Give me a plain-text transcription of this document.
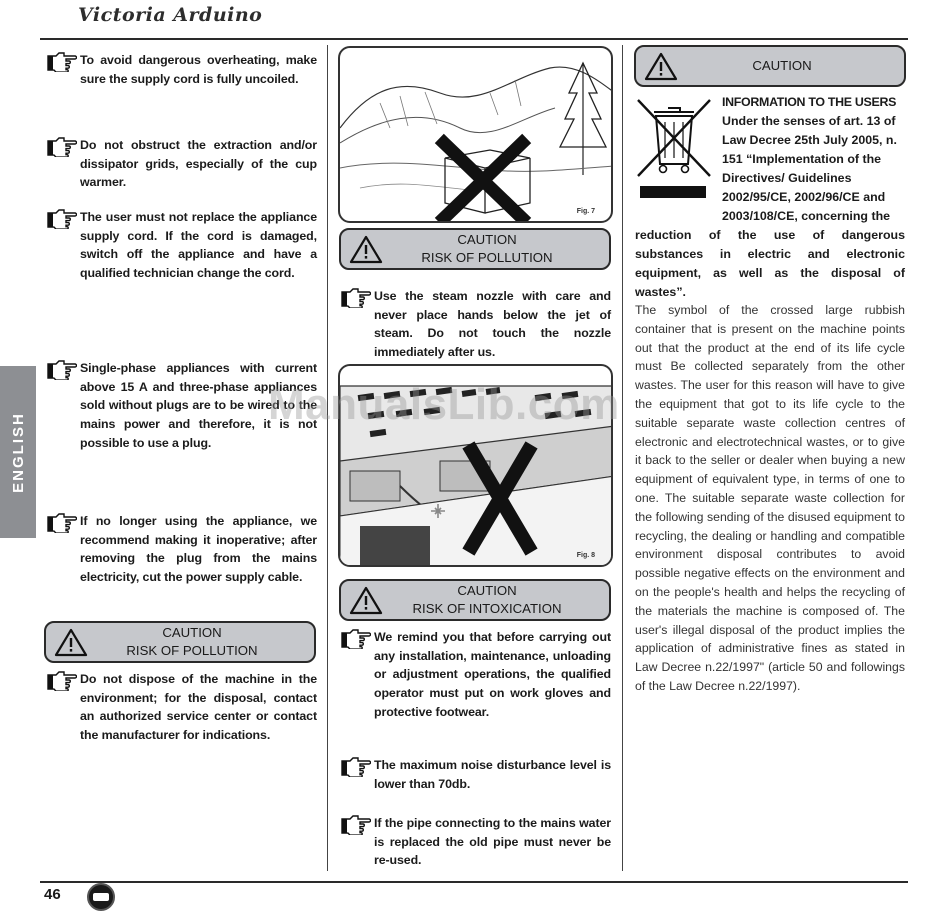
Victoria Arduino
ENGLISH
To avoid dangerous overheating, make sure the supply cord is fully uncoiled.
Do not obstruct the extraction and/or dissipator grids, especially of the cup warmer.
The user must not replace the appliance supply cord. If the cord is damaged, switch off the appliance and have a qualified technician change the cord.
Single-phase appliances with current above 15 A and three-phase appliances sold without plugs are to be wired to the mains power and therefore, it is not possible to use a plug.
If no longer using the appliance, we recommend making it inoperative; after removing the plug from the mains electricity, cut the power supply cable.
CAUTION
RISK OF POLLUTION
Do not dispose of the machine in the environment; for the disposal, contact an authorized service center or contact the manufacturer for indications.
Fig. 7
CAUTION
RISK OF POLLUTION
Use the steam nozzle with care and never place hands below the jet of steam. Do not touch the nozzle immediately after us.
Fig. 8
CAUTION
RISK OF INTOXICATION
We remind you that before carrying out any installation, maintenance, unloading or adjustment operations, the qualified operator must put on work gloves and protective footwear.
The maximum noise disturbance level is lower than 70db.
If the pipe connecting to the mains water is replaced the old pipe must never be re-used.
CAUTION
INFORMATION TO THE USERS
Under the senses of art. 13 of
Law Decree 25th July 2005, n.
151 “Implementation of the
Directives/ Guidelines
2002/95/CE, 2002/96/CE and
2003/108/CE, concerning the
reduction of the use of dangerous substances in electric and electronic equipment, as well as the disposal of wastes”.
The symbol of the crossed large rubbish container that is present on the machine points out that the product at the end of its life cycle must Be collected separately from the other wastes. The user for this reason will have to give the equipment that got to its life cycle to the suitable separate waste collection centres of electronic and electrotechnical wastes, or to give it back to the seller or dealer when buying a new equipment of equivalent type, in terms of one to one. The suitable separate waste collection for the following sending of the disused equipment to recycling, the dealing or handling and compatible environment disposal contributes to avoid possible negative effects on the environment and on the people's health and helps the recycling of the materials the machine is composed of. The user's illegal disposal of the product implies the application of administrative fines as stated in Law Decree n.22/1997" (article 50 and followings of the Law Decree n.22/1997).
ManualsLib.com
46
